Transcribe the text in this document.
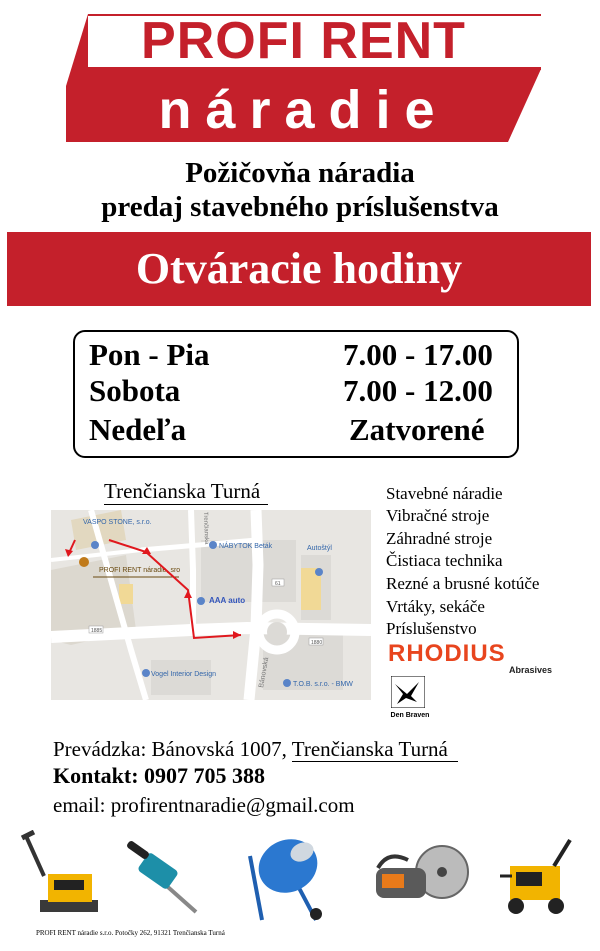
PROFI RENT
náradie
Požičovňa náradia
predaj stavebného príslušenstva
Otváracie hodiny
Pon - Pia	7.00 - 17.00
Sobota	7.00 - 12.00
Nedeľa	Zatvorené
Trenčianska Turná
VASPO STONE, s.r.o.
PROFI RENT náradie, sro
NÁBYTOK Beták	Autoštýl
AAA auto
Vogel Interior Design
T.O.B. s.r.o. - BMW
Bánovská
Trenčianska
1885
1880
61
Stavebné náradie
Vibračné stroje
Záhradné stroje
Čistiaca technika
Rezné a brusné kotúče
Vrtáky, sekáče
Príslušenstvo
RHODIUS
Abrasives
Den Braven
Prevádzka: Bánovská 1007, Trenčianska Turná
Kontakt: 0907 705 388
email: profirentnaradie@gmail.com
PROFI RENT náradie s.r.o. Potočky 262, 91321 Trenčianska Turná
